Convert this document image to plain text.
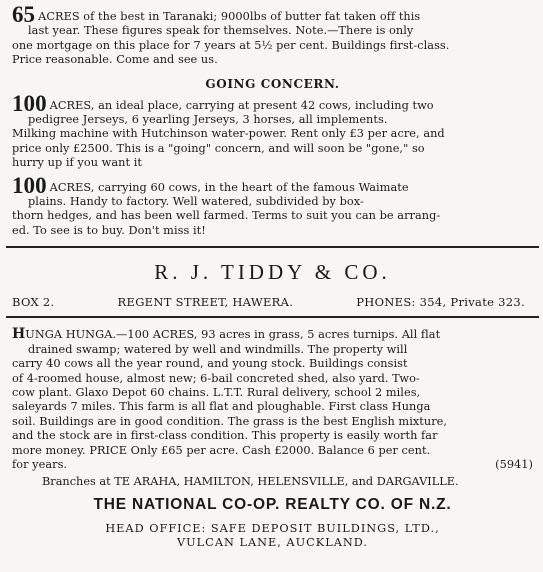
65 ACRES of the best in Taranaki; 9000lbs of butter fat taken off this

last year. These figures speak for themselves. Note.—There is only

one mortgage on this place for 7 years at 5½ per cent. Buildings first-class.

Price reasonable. Come and see us.

GOING CONCERN.

100 ACRES, an ideal place, carrying at present 42 cows, including two

pedigree Jerseys, 6 yearling Jerseys, 3 horses, all implements.

Milking machine with Hutchinson water-power. Rent only £3 per acre, and

price only £2500. This is a "going" concern, and will soon be "gone," so

hurry up if you want it

100 ACRES, carrying 60 cows, in the heart of the famous Waimate

plains. Handy to factory. Well watered, subdivided by box-

thorn hedges, and has been well farmed. Terms to suit you can be arrang-

ed. To see is to buy. Don't miss it!

R. J. TIDDY & CO.
BOX 2.	REGENT STREET, HAWERA.	PHONES: 354, Private 323.

HUNGA HUNGA.—100 ACRES, 93 acres in grass, 5 acres turnips. All flat

drained swamp; watered by well and windmills. The property will

carry 40 cows all the year round, and young stock. Buildings consist

of 4-roomed house, almost new; 6-bail concreted shed, also yard. Two-

cow plant. Glaxo Depot 60 chains. L.T.T. Rural delivery, school 2 miles,

saleyards 7 miles. This farm is all flat and ploughable. First class Hunga

soil. Buildings are in good condition. The grass is the best English mixture,

and the stock are in first-class condition. This property is easily worth far

more money. PRICE Only £65 per acre. Cash £2000. Balance 6 per cent.

for years.	(5941)

Branches at TE ARAHA, HAMILTON, HELENSVILLE, and DARGAVILLE.
THE NATIONAL CO-OP. REALTY CO. OF N.Z.
HEAD OFFICE: SAFE DEPOSIT BUILDINGS, LTD.,
VULCAN LANE, AUCKLAND.
